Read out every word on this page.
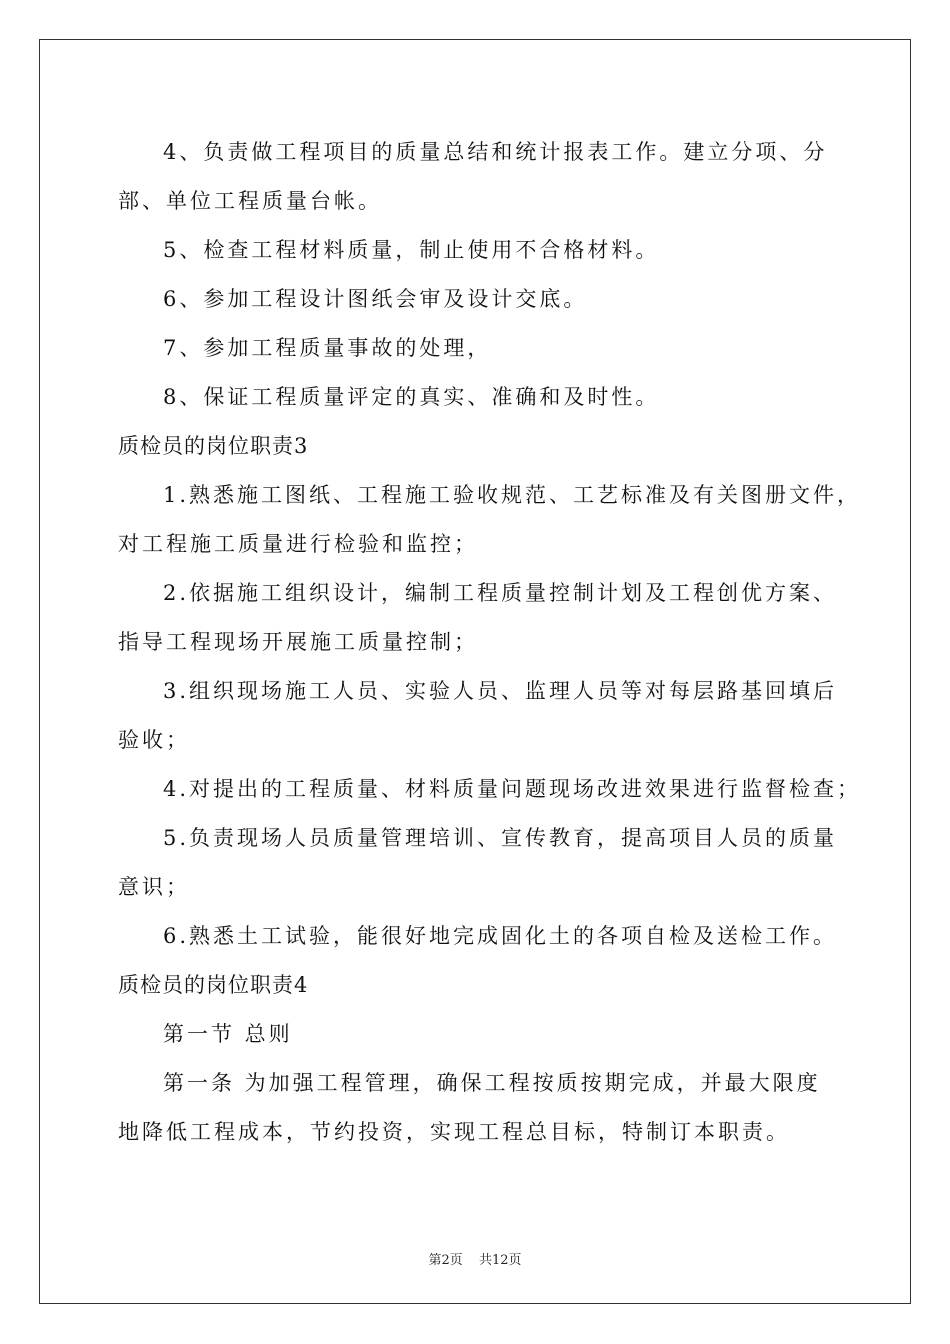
4、负责做工程项目的质量总结和统计报表工作。建立分项、分
部、单位工程质量台帐。
5、检查工程材料质量，制止使用不合格材料。
6、参加工程设计图纸会审及设计交底。
7、参加工程质量事故的处理，
8、保证工程质量评定的真实、准确和及时性。
质检员的岗位职责3
1.熟悉施工图纸、工程施工验收规范、工艺标准及有关图册文件，
对工程施工质量进行检验和监控；
2.依据施工组织设计，编制工程质量控制计划及工程创优方案、
指导工程现场开展施工质量控制；
3.组织现场施工人员、实验人员、监理人员等对每层路基回填后
验收；
4.对提出的工程质量、材料质量问题现场改进效果进行监督检查；
5.负责现场人员质量管理培训、宣传教育，提高项目人员的质量
意识；
6.熟悉土工试验，能很好地完成固化土的各项自检及送检工作。
质检员的岗位职责4
第一节 总则
第一条 为加强工程管理，确保工程按质按期完成，并最大限度
地降低工程成本，节约投资，实现工程总目标，特制订本职责。
第2页 共12页
